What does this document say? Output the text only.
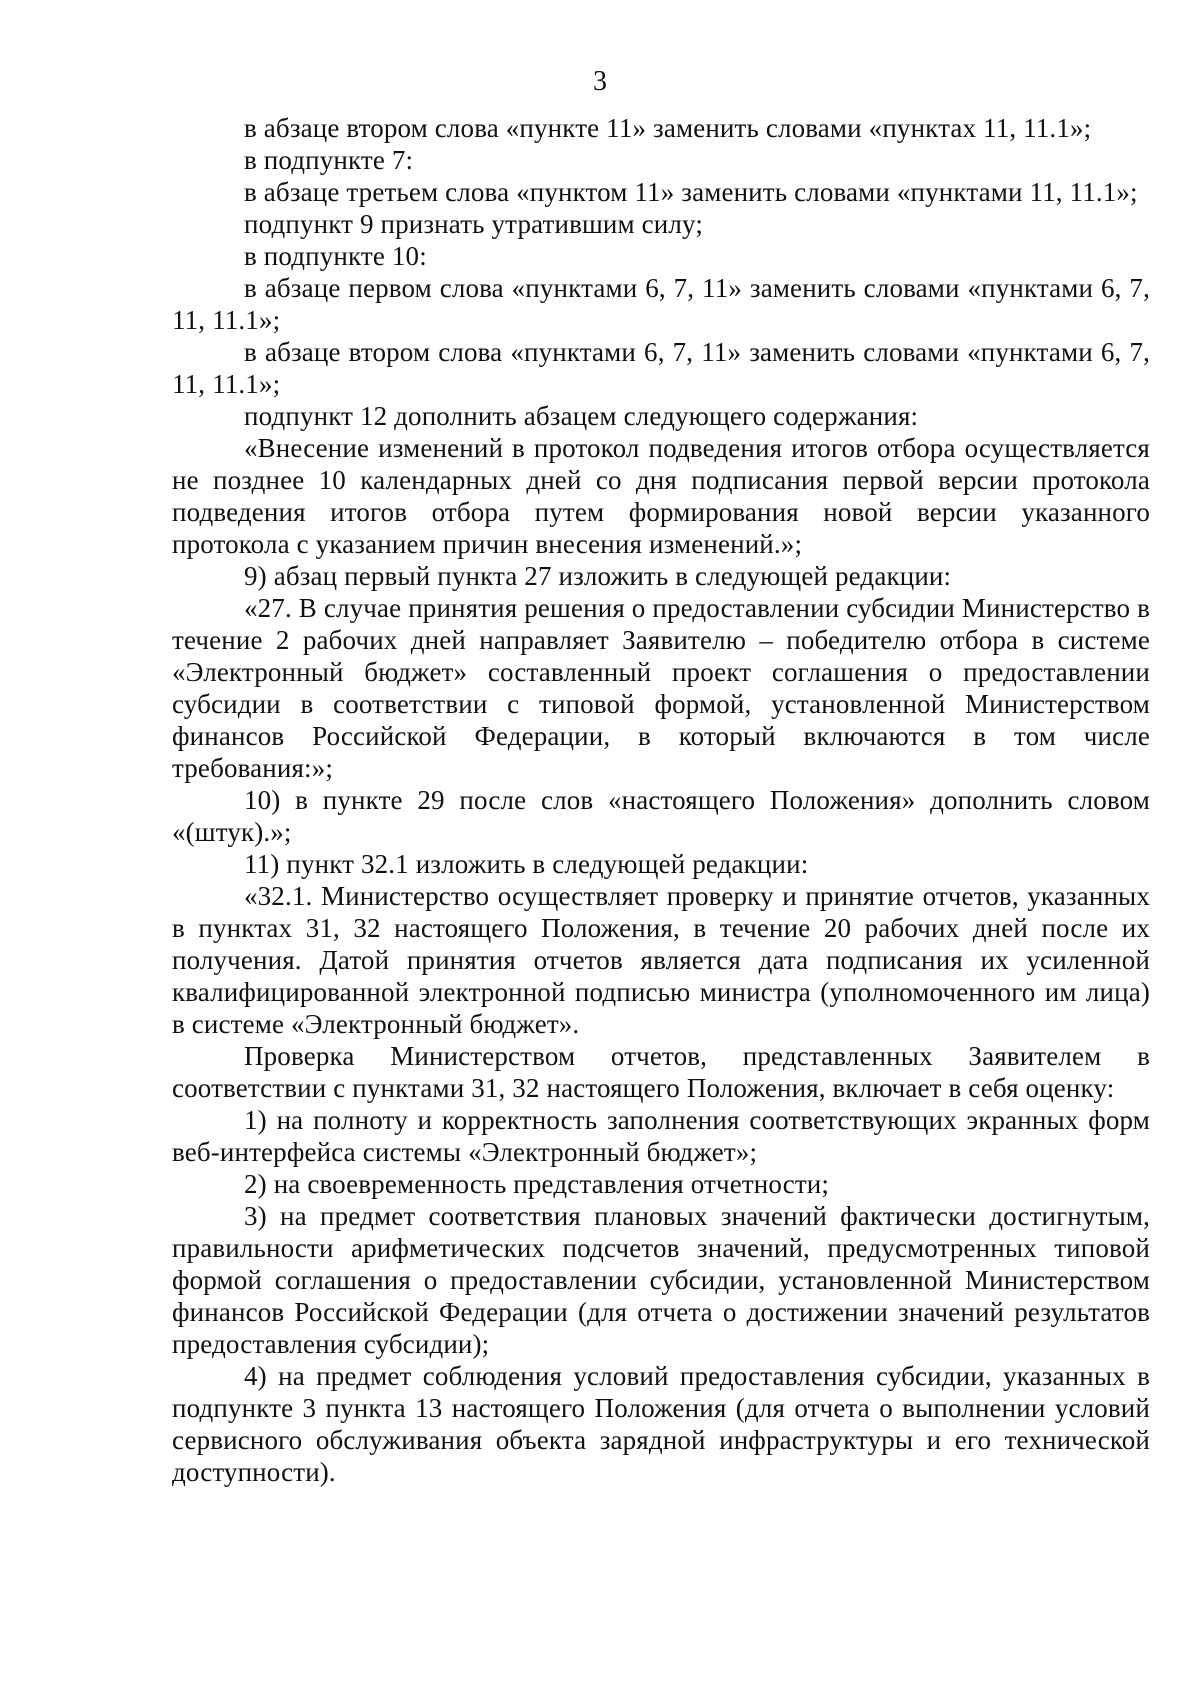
3

в абзаце втором слова «пункте 11» заменить словами «пунктах 11, 11.1»;

в подпункте 7:

в абзаце третьем слова «пунктом 11» заменить словами «пунктами 11, 11.1»;

подпункт 9 признать утратившим силу;

в подпункте 10:

в абзаце первом слова «пунктами 6, 7, 11» заменить словами «пунктами 6, 7, 11, 11.1»;

в абзаце втором слова «пунктами 6, 7, 11» заменить словами «пунктами 6, 7, 11, 11.1»;

подпункт 12 дополнить абзацем следующего содержания:

«Внесение изменений в протокол подведения итогов отбора осуществляется не позднее 10 календарных дней со дня подписания первой версии протокола подведения итогов отбора путем формирования новой версии указанного протокола с указанием причин внесения изменений.»;

9) абзац первый пункта 27 изложить в следующей редакции:

«27. В случае принятия решения о предоставлении субсидии Министерство в течение 2 рабочих дней направляет Заявителю – победителю отбора в системе «Электронный бюджет» составленный проект соглашения о предоставлении субсидии в соответствии с типовой формой, установленной Министерством финансов Российской Федерации, в который включаются в том числе требования:»;

10) в пункте 29 после слов «настоящего Положения» дополнить словом «(штук).»;

11) пункт 32.1 изложить в следующей редакции:

«32.1. Министерство осуществляет проверку и принятие отчетов, указанных в пунктах 31, 32 настоящего Положения, в течение 20 рабочих дней после их получения. Датой принятия отчетов является дата подписания их усиленной квалифицированной электронной подписью министра (уполномоченного им лица) в системе «Электронный бюджет».

Проверка Министерством отчетов, представленных Заявителем в соответствии с пунктами 31, 32 настоящего Положения, включает в себя оценку:

1) на полноту и корректность заполнения соответствующих экранных форм веб-интерфейса системы «Электронный бюджет»;

2) на своевременность представления отчетности;

3) на предмет соответствия плановых значений фактически достигнутым, правильности арифметических подсчетов значений, предусмотренных типовой формой соглашения о предоставлении субсидии, установленной Министерством финансов Российской Федерации (для отчета о достижении значений результатов предоставления субсидии);

4) на предмет соблюдения условий предоставления субсидии, указанных в подпункте 3 пункта 13 настоящего Положения (для отчета о выполнении условий сервисного обслуживания объекта зарядной инфраструктуры и его технической доступности).
